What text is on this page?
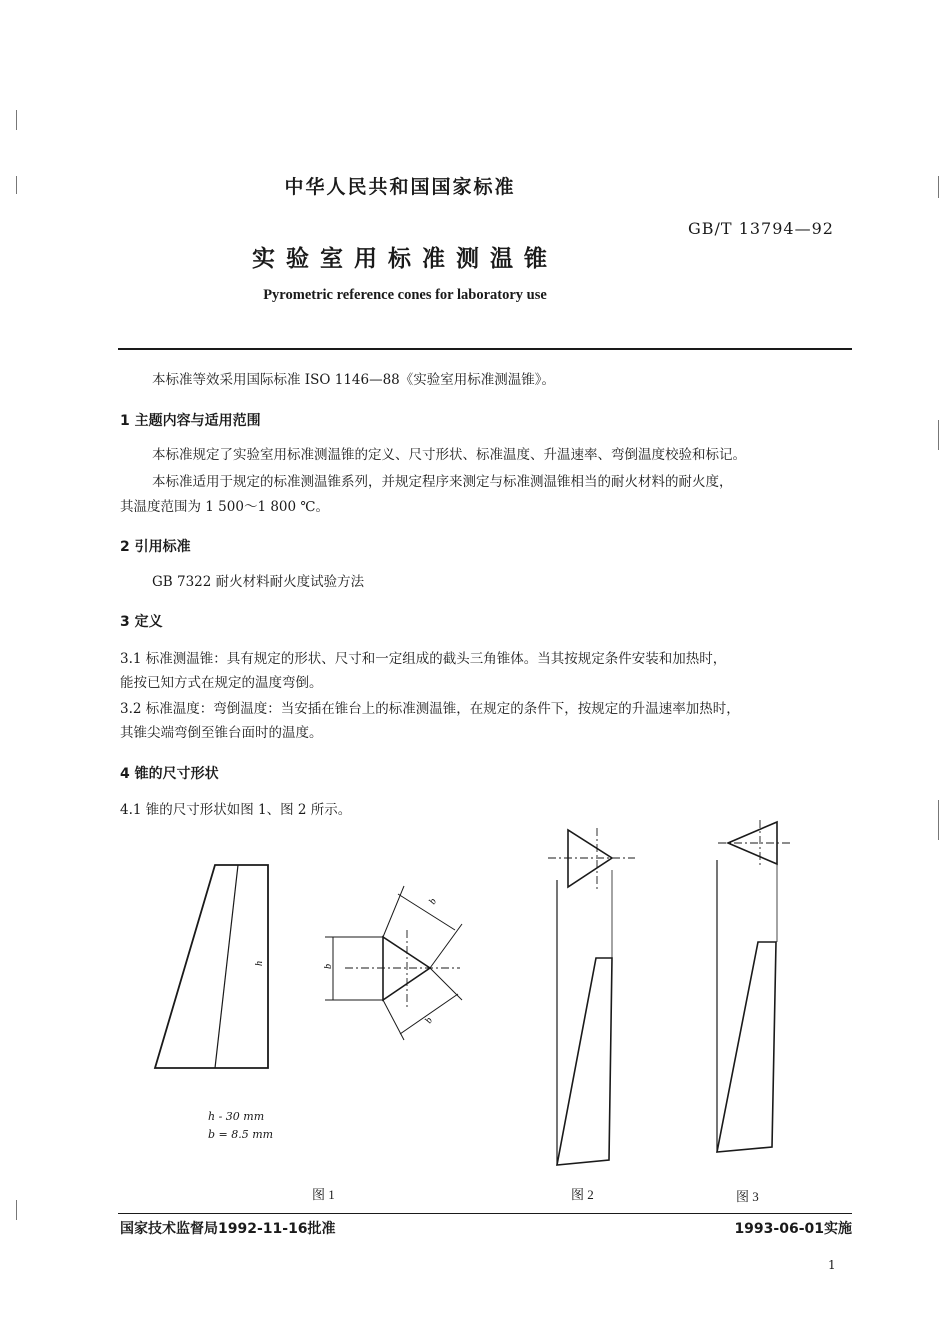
中华人民共和国国家标准
GB/T 13794—92
实验室用标准测温锥
Pyrometric reference cones for laboratory use
本标准等效采用国际标准 ISO 1146—88《实验室用标准测温锥》。
1 主题内容与适用范围
本标准规定了实验室用标准测温锥的定义、尺寸形状、标准温度、升温速率、弯倒温度校验和标记。
本标准适用于规定的标准测温锥系列，并规定程序来测定与标准测温锥相当的耐火材料的耐火度，
其温度范围为 1 500～1 800 ℃。
2 引用标准
GB 7322 耐火材料耐火度试验方法
3 定义
3.1 标准测温锥：具有规定的形状、尺寸和一定组成的截头三角锥体。当其按规定条件安装和加热时，
能按已知方式在规定的温度弯倒。
3.2 标准温度：弯倒温度：当安插在锥台上的标准测温锥，在规定的条件下，按规定的升温速率加热时，
其锥尖端弯倒至锥台面时的温度。
4 锥的尺寸形状
4.1 锥的尺寸形状如图 1、图 2 所示。
h
b
b
b
h - 30 mm
b = 8.5 mm
图 1	图 2	图 3
国家技术监督局1992-11-16批准	1993-06-01实施
1
